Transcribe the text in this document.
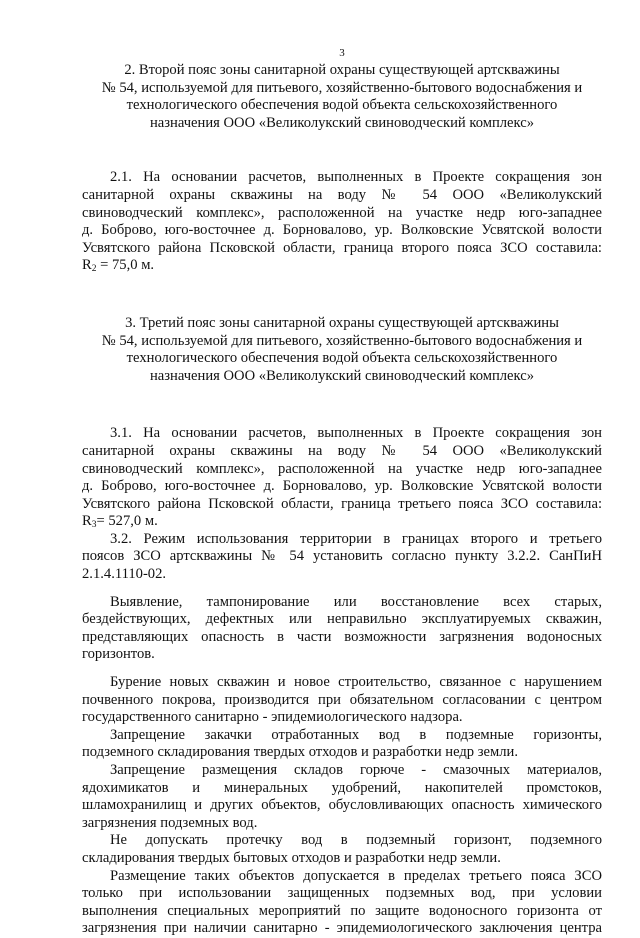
3
2. Второй пояс зоны санитарной охраны существующей артскважины
№ 54, используемой для питьевого, хозяйственно-бытового водоснабжения и
технологического обеспечения водой объекта сельскохозяйственного
назначения ООО «Великолукский свиноводческий комплекс»
2.1. На основании расчетов, выполненных в Проекте сокращения зон
санитарной охраны скважины на воду № 54 ООО «Великолукский
свиноводческий комплекс», расположенной на участке недр юго-западнее
д. Боброво, юго-восточнее д. Борновалово, ур. Волковские Усвятской волости
Усвятского района Псковской области, граница второго пояса ЗСО составила:
$R_2 = 75,0$ м.
3. Третий пояс зоны санитарной охраны существующей артскважины
№ 54, используемой для питьевого, хозяйственно-бытового водоснабжения и
технологического обеспечения водой объекта сельскохозяйственного
назначения ООО «Великолукский свиноводческий комплекс»
3.1. На основании расчетов, выполненных в Проекте сокращения зон
санитарной охраны скважины на воду № 54 ООО «Великолукский
свиноводческий комплекс», расположенной на участке недр юго-западнее
д. Боброво, юго-восточнее д. Борновалово, ур. Волковские Усвятской волости
Усвятского района Псковской области, граница третьего пояса ЗСО составила:
$R_3= 527,0$ м.
3.2. Режим использования территории в границах второго и третьего
поясов ЗСО артскважины № 54 установить согласно пункту 3.2.2. СанПиН
2.1.4.1110-02.
Выявление, тампонирование или восстановление всех старых,
бездействующих, дефектных или неправильно эксплуатируемых скважин,
представляющих опасность в части возможности загрязнения водоносных
горизонтов.
Бурение новых скважин и новое строительство, связанное с нарушением
почвенного покрова, производится при обязательном согласовании с центром
государственного санитарно - эпидемиологического надзора.
Запрещение закачки отработанных вод в подземные горизонты,
подземного складирования твердых отходов и разработки недр земли.
Запрещение размещения складов горюче - смазочных материалов,
ядохимикатов и минеральных удобрений, накопителей промстоков,
шламохранилищ и других объектов, обусловливающих опасность химического
загрязнения подземных вод.
Не допускать протечку вод в подземный горизонт, подземного
складирования твердых бытовых отходов и разработки недр земли.
Размещение таких объектов допускается в пределах третьего пояса ЗСО
только при использовании защищенных подземных вод, при условии
выполнения специальных мероприятий по защите водоносного горизонта от
загрязнения при наличии санитарно - эпидемиологического заключения центра
